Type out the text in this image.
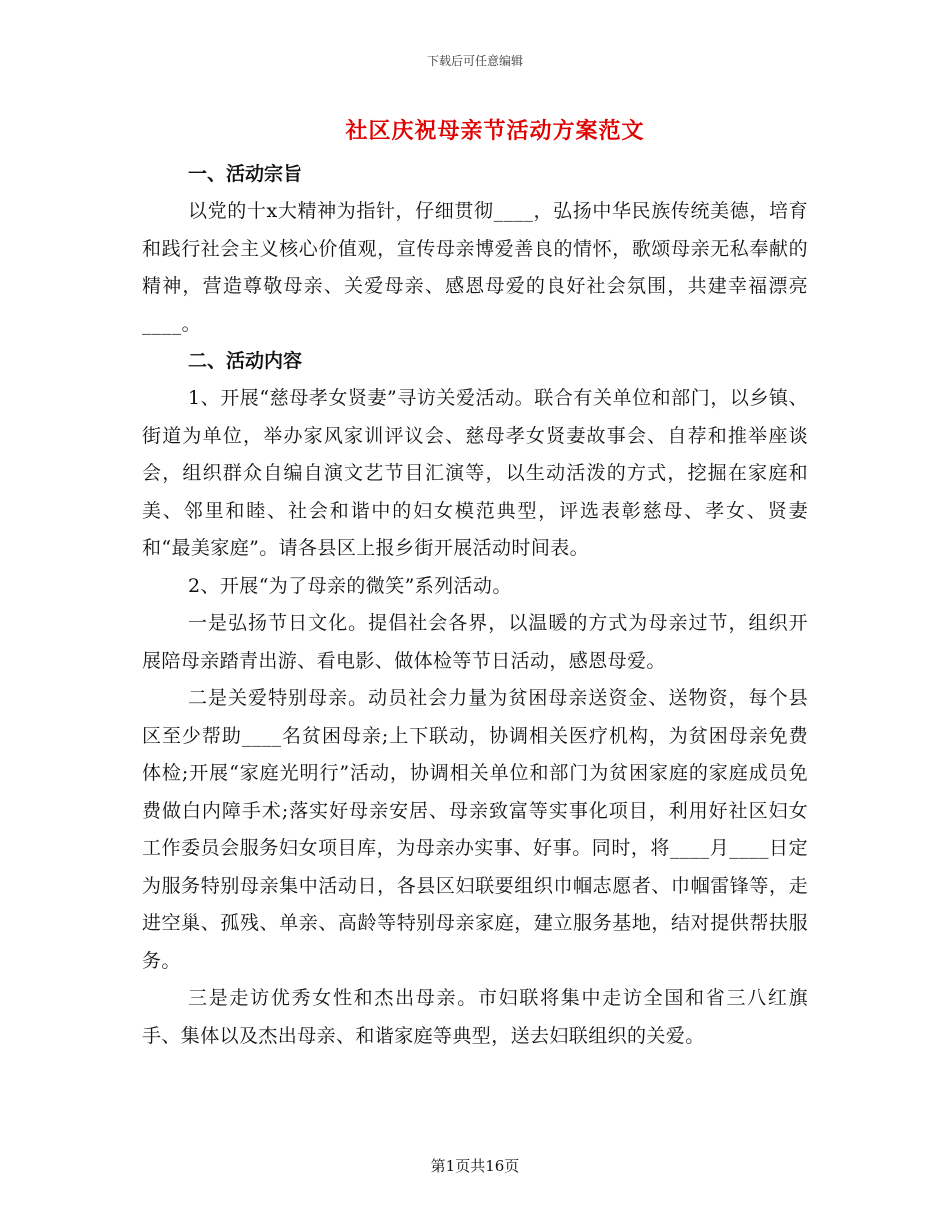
下载后可任意编辑
社区庆祝母亲节活动方案范文
一、活动宗旨

以党的十x大精神为指针，仔细贯彻____，弘扬中华民族传统美德，培育和践行社会主义核心价值观，宣传母亲博爱善良的情怀，歌颂母亲无私奉献的精神，营造尊敬母亲、关爱母亲、感恩母爱的良好社会氛围，共建幸福漂亮____。

二、活动内容

1、开展“慈母孝女贤妻”寻访关爱活动。联合有关单位和部门，以乡镇、街道为单位，举办家风家训评议会、慈母孝女贤妻故事会、自荐和推举座谈会，组织群众自编自演文艺节目汇演等，以生动活泼的方式，挖掘在家庭和美、邻里和睦、社会和谐中的妇女模范典型，评选表彰慈母、孝女、贤妻和“最美家庭”。请各县区上报乡街开展活动时间表。

2、开展“为了母亲的微笑”系列活动。

一是弘扬节日文化。提倡社会各界，以温暖的方式为母亲过节，组织开展陪母亲踏青出游、看电影、做体检等节日活动，感恩母爱。

二是关爱特别母亲。动员社会力量为贫困母亲送资金、送物资，每个县区至少帮助____名贫困母亲;上下联动，协调相关医疗机构，为贫困母亲免费体检;开展“家庭光明行”活动，协调相关单位和部门为贫困家庭的家庭成员免费做白内障手术;落实好母亲安居、母亲致富等实事化项目，利用好社区妇女工作委员会服务妇女项目库，为母亲办实事、好事。同时，将____月____日定为服务特别母亲集中活动日，各县区妇联要组织巾帼志愿者、巾帼雷锋等，走进空巢、孤残、单亲、高龄等特别母亲家庭，建立服务基地，结对提供帮扶服务。

三是走访优秀女性和杰出母亲。市妇联将集中走访全国和省三八红旗手、集体以及杰出母亲、和谐家庭等典型，送去妇联组织的关爱。

第1页共16页
